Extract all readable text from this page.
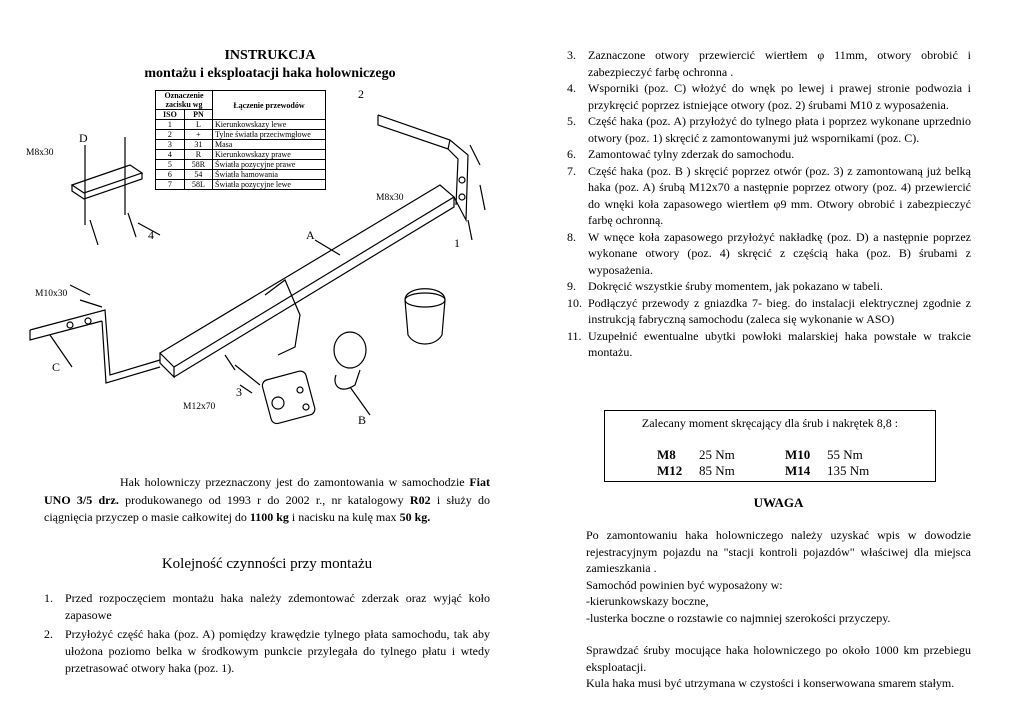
INSTRUKCJA
montażu i eksploatacji haka holowniczego
Oznaczenie zacisku wg		Łączenie przewodów
ISO	PN	
1	L	Kierunkowskazy lewe
2	+	Tylne światła przeciwmgłowe
3	31	Masa
4	R	Kierunkowskazy prawe
5	58R	Światła pozycyjne prawe
6	54	Światła hamowania
7	58L	Światła pozycyjne lewe
D
M8x30
4	A
2
M8x30
1
M10x30
C
3
M12x70
B
Hak holowniczy przeznaczony jest do zamontowania w samochodzie Fiat UNO 3/5 drz. produkowanego od 1993 r do 2002 r., nr katalogowy R02 i służy do ciągnięcia przyczep o masie całkowitej do 1100 kg i nacisku na kulę max 50 kg.
Kolejność czynności przy montażu
1. Przed rozpoczęciem montażu haka należy zdemontować zderzak oraz wyjąć koło zapasowe
2. Przyłożyć część haka (poz. A) pomiędzy krawędzie tylnego płata samochodu, tak aby ułożona poziomo belka w środkowym punkcie przylegała do tylnego płatu i wtedy przetrasować otwory haka (poz. 1).
3. Zaznaczone otwory przewiercić wiertłem φ 11mm, otwory obrobić i zabezpieczyć farbę ochronna .
4. Wsporniki (poz. C) włożyć do wnęk po lewej i prawej stronie podwozia i przykręcić poprzez istniejące otwory (poz. 2) śrubami M10 z wyposażenia.
5. Część haka (poz. A) przyłożyć do tylnego płata i poprzez wykonane uprzednio otwory (poz. 1) skręcić z zamontowanymi już wspornikami (poz. C).
6. Zamontować tylny zderzak do samochodu.
7. Część haka (poz. B ) skręcić poprzez otwór (poz. 3) z zamontowaną już belką haka (poz. A) śrubą M12x70 a następnie poprzez otwory (poz. 4) przewiercić do wnęki koła zapasowego wiertłem φ9 mm. Otwory obrobić i zabezpieczyć farbę ochronną.
8. W wnęce koła zapasowego przyłożyć nakładkę (poz. D) a następnie poprzez wykonane otwory (poz. 4) skręcić z częścią haka (poz. B) śrubami z wyposażenia.
9. Dokręcić wszystkie śruby momentem, jak pokazano w tabeli.
10. Podłączyć przewody z gniazdka 7- bieg. do instalacji elektrycznej zgodnie z instrukcją fabryczną samochodu (zaleca się wykonanie w ASO)
11. Uzupełnić ewentualne ubytki powłoki malarskiej haka powstałe w trakcie montażu.
Zalecany moment skręcający dla śrub i nakrętek 8,8 :
M8 25 Nm	M10 55 Nm
M12 85 Nm	M14 135 Nm
UWAGA

Po zamontowaniu haka holowniczego należy uzyskać wpis w dowodzie rejestracyjnym pojazdu na "stacji kontroli pojazdów" właściwej dla miejsca zamieszkania .

Samochód powinien być wyposażony w:

-kierunkowskazy boczne,

-lusterka boczne o rozstawie co najmniej szerokości przyczepy.

Sprawdzać śruby mocujące haka holowniczego po około 1000 km przebiegu eksploatacji.

Kula haka musi być utrzymana w czystości i konserwowana smarem stałym.
